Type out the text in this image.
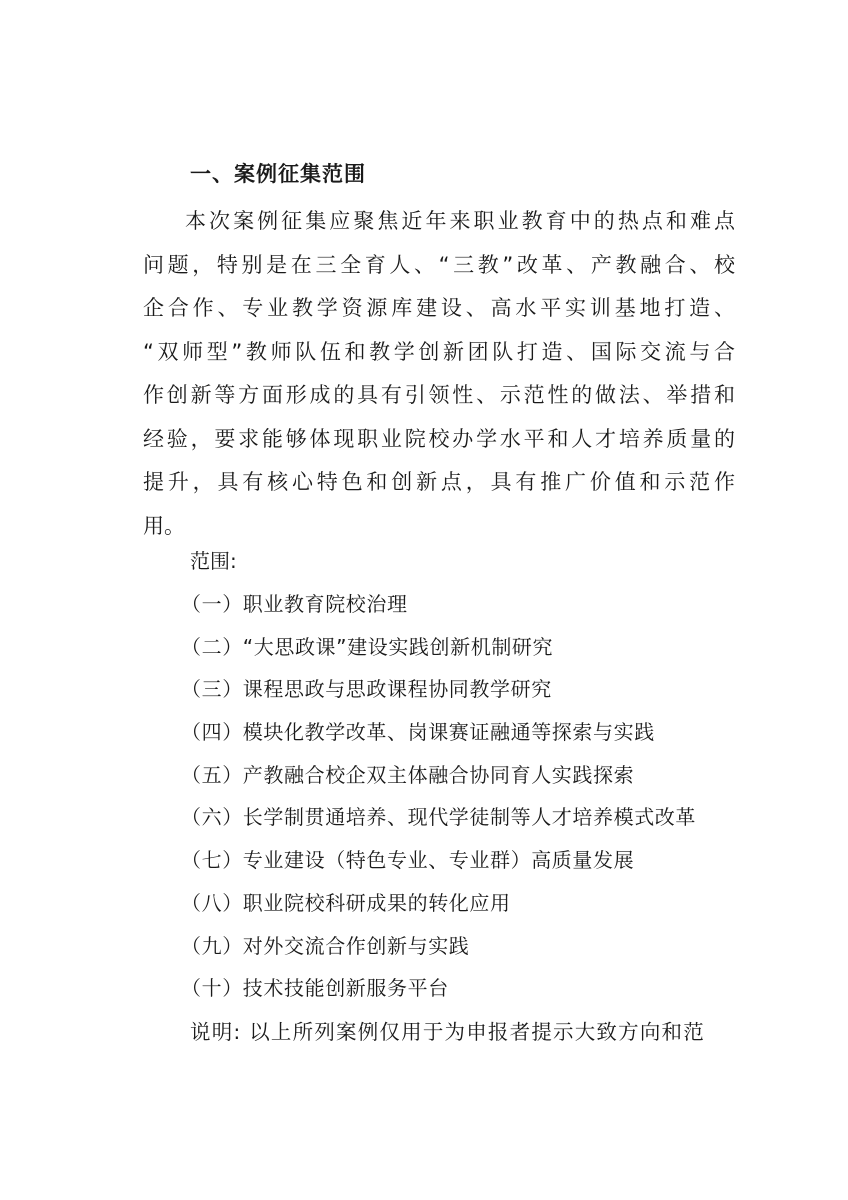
一、案例征集范围
本次案例征集应聚焦近年来职业教育中的热点和难点
问题，特别是在三全育人、“三教”改革、产教融合、校
企合作、专业教学资源库建设、高水平实训基地打造、
“双师型”教师队伍和教学创新团队打造、国际交流与合
作创新等方面形成的具有引领性、示范性的做法、举措和
经验，要求能够体现职业院校办学水平和人才培养质量的
提升，具有核心特色和创新点，具有推广价值和示范作
用。
范围:
（一）职业教育院校治理
（二）“大思政课”建设实践创新机制研究
（三）课程思政与思政课程协同教学研究
（四）模块化教学改革、岗课赛证融通等探索与实践
（五）产教融合校企双主体融合协同育人实践探索
（六）长学制贯通培养、现代学徒制等人才培养模式改革
（七）专业建设（特色专业、专业群）高质量发展
（八）职业院校科研成果的转化应用
（九）对外交流合作创新与实践
（十）技术技能创新服务平台
说明: 以上所列案例仅用于为申报者提示大致方向和范
